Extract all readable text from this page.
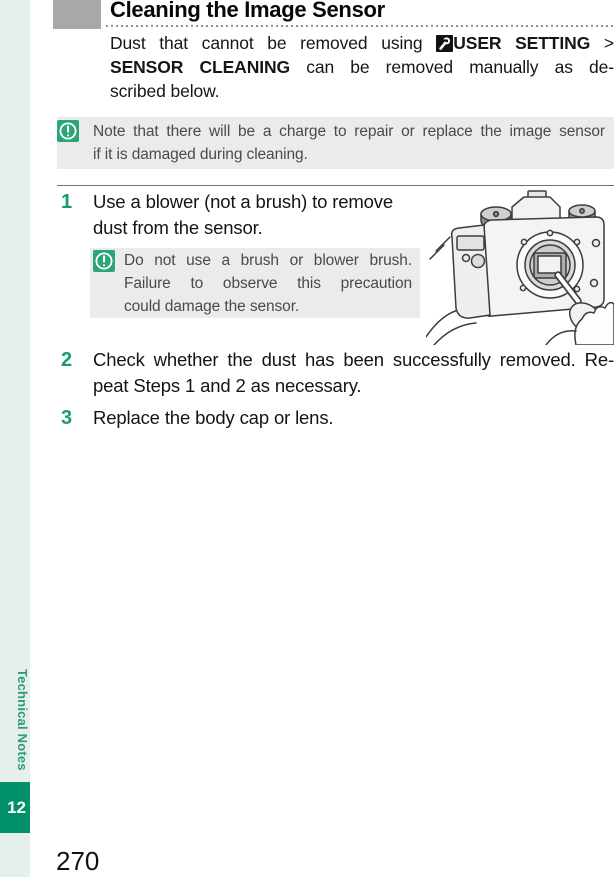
Technical Notes
12
270
Cleaning the Image Sensor
Dust that cannot be removed using USER SETTING >
SENSOR CLEANING can be removed manually as de-
scribed below.
Note that there will be a charge to repair or replace the image sensor
if it is damaged during cleaning.
1 Use a blower (not a brush) to remove
dust from the sensor.
Do not use a brush or blower brush.
Failure to observe this precaution
could damage the sensor.
2 Check whether the dust has been successfully removed. Re-
peat Steps 1 and 2 as necessary.
3 Replace the body cap or lens.
